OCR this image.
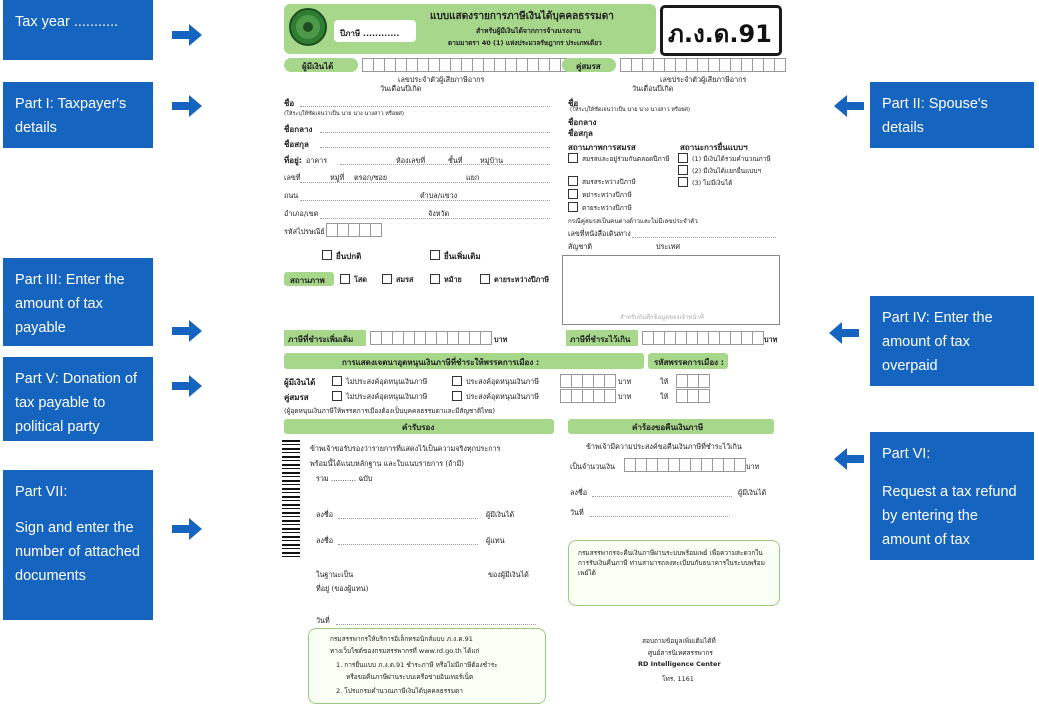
Tax year ...........
Part I: Taxpayer's details
Part III: Enter the amount of tax payable
Part V: Donation of tax payable to political party
Part VII:
Sign and enter the number of attached documents
Part II: Spouse's details
Part IV: Enter the amount of tax overpaid
Part VI:
Request a tax refund by entering the amount of tax
ปีภาษี ............
แบบแสดงรายการภาษีเงินได้บุคคลธรรมดา
สำหรับผู้มีเงินได้จากการจ้างแรงงาน
ตามมาตรา 40 (1) แห่งประมวลรัษฎากร ประเภทเดียว	ภ.ง.ด.91
ผู้มีเงินได้
เลขประจำตัวผู้เสียภาษีอากร
วันเดือนปีเกิด
คู่สมรส
เลขประจำตัวผู้เสียภาษีอากร
วันเดือนปีเกิด
ชื่อ
(ให้ระบุให้ชัดเจนว่าเป็น นาย นาง นางสาว หรือยศ)
ชื่อกลาง
ชื่อสกุล
ที่อยู่: อาคาร	ห้องเลขที่	ชั้นที่ หมู่บ้าน
เลขที่	หมู่ที่ ตรอก/ซอย	แยก
ถนน	ตำบล/แขวง
อำเภอ/เขต	จังหวัด
รหัสไปรษณีย์
ยื่นปกติ	ยื่นเพิ่มเติม
สถานภาพ	โสด	สมรส	หม้าย	ตายระหว่างปีภาษี
ชื่อ
(ให้ระบุให้ชัดเจนว่าเป็น นาย นาง นางสาว หรือยศ)
ชื่อกลาง
ชื่อสกุล
สถานภาพการสมรส	สถานะการยื่นแบบฯ
สมรสและอยู่ร่วมกันตลอดปีภาษี
สมรสระหว่างปีภาษี
หย่าระหว่างปีภาษี
ตายระหว่างปีภาษี
(1) มีเงินได้รวมคำนวณภาษี
(2) มีเงินได้แยกยื่นแบบฯ
(3) ไม่มีเงินได้
กรณีคู่สมรสเป็นคนต่างด้าวและไม่มีเลขประจำตัว
เลขที่หนังสือเดินทาง
สัญชาติ	ประเทศ
สำหรับบันทึกข้อมูลของเจ้าหน้าที่
ภาษีที่ชำระเพิ่มเติม	บาท	ภาษีที่ชำระไว้เกิน	บาท
การแสดงเจตนาอุดหนุนเงินภาษีที่ชำระให้พรรคการเมือง :	รหัสพรรคการเมือง :
ผู้มีเงินได้	ไม่ประสงค์อุดหนุนเงินภาษี	ประสงค์อุดหนุนเงินภาษี	บาท	ให้
คู่สมรส	ไม่ประสงค์อุดหนุนเงินภาษี	ประสงค์อุดหนุนเงินภาษี	บาท	ให้
(ผู้อุดหนุนเงินภาษีให้พรรคการเมืองต้องเป็นบุคคลธรรมดาและมีสัญชาติไทย)
คำรับรอง
ข้าพเจ้าขอรับรองว่ารายการที่แสดงไว้เป็นความจริงทุกประการ
พร้อมนี้ได้แนบหลักฐาน และใบแนบรายการ (ถ้ามี)
รวม ........... ฉบับ
ลงชื่อ	ผู้มีเงินได้
ลงชื่อ	ผู้แทน
ในฐานะเป็น	ของผู้มีเงินได้
ที่อยู่ (ของผู้แทน)
วันที่
กรมสรรพากรให้บริการอิเล็กทรอนิกส์แบบ ภ.ง.ด.91
ทางเว็บไซต์ของกรมสรรพากรที่ www.rd.go.th ได้แก่
1. การยื่นแบบ ภ.ง.ด.91 ชำระภาษี หรือไม่มีภาษีต้องชำระ
หรือขอคืนภาษีผ่านระบบเครือข่ายอินเทอร์เน็ต
2. โปรแกรมคำนวณภาษีเงินได้บุคคลธรรมดา
คำร้องขอคืนเงินภาษี
ข้าพเจ้ามีความประสงค์ขอคืนเงินภาษีที่ชำระไว้เกิน
เป็นจำนวนเงิน	บาท
ลงชื่อ	ผู้มีเงินได้
วันที่
กรมสรรพากรจะคืนเงินภาษีผ่านระบบพร้อมเพย์ เพื่อความสะดวกในการรับเงินคืนภาษี ท่านสามารถลงทะเบียนกับธนาคารในระบบพร้อมเพย์ได้
สอบถามข้อมูลเพิ่มเติมได้ที่
ศูนย์สารนิเทศสรรพากร
RD Intelligence Center
โทร. 1161
